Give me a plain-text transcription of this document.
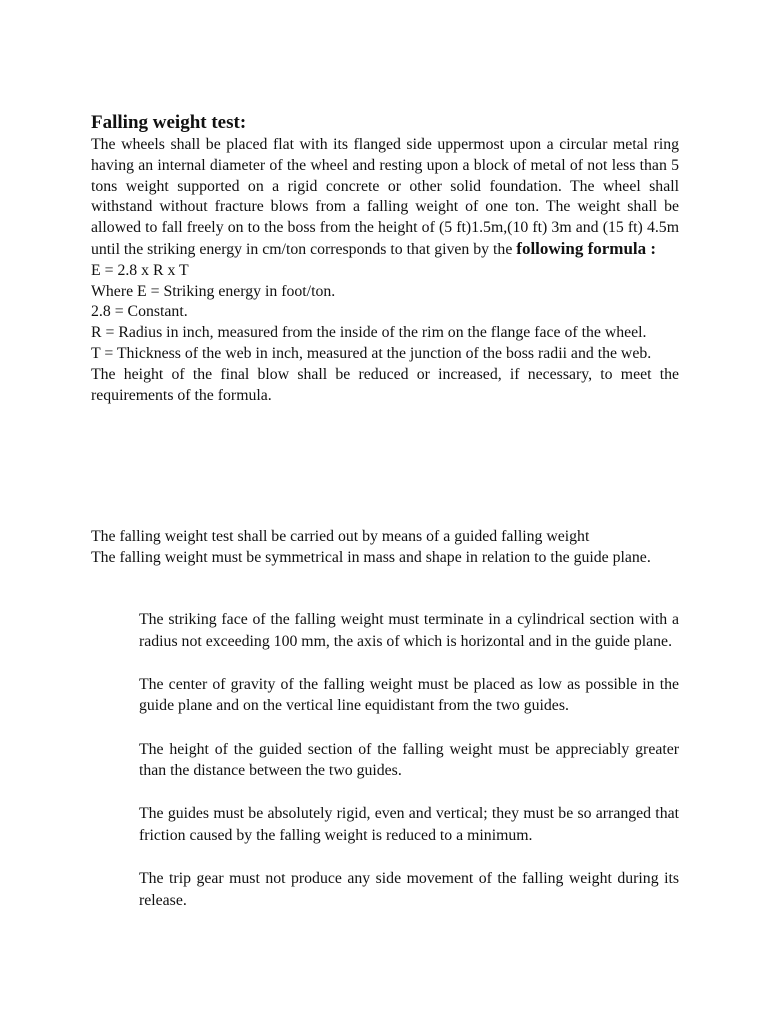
Falling weight test:

The wheels shall be placed flat with its flanged side uppermost upon a circular metal ring having an internal diameter of the wheel and resting upon a block of metal of not less than 5 tons weight supported on a rigid concrete or other solid foundation. The wheel shall withstand without fracture blows from a falling weight of one ton. The weight shall be allowed to fall freely on to the boss from the height of (5 ft)1.5m,(10 ft) 3m and (15 ft) 4.5m until the striking energy in cm/ton corresponds to that given by the following formula :

E = 2.8 x R x T

Where E = Striking energy in foot/ton.

2.8 = Constant.

R = Radius in inch, measured from the inside of the rim on the flange face of the wheel.

T = Thickness of the web in inch, measured at the junction of the boss radii and the web.

The height of the final blow shall be reduced or increased, if necessary, to meet the requirements of the formula.

The falling weight test shall be carried out by means of a guided falling weight

The falling weight must be symmetrical in mass and shape in relation to the guide plane.

The striking face of the falling weight must terminate in a cylindrical section with a radius not exceeding 100 mm, the axis of which is horizontal and in the guide plane.

The center of gravity of the falling weight must be placed as low as possible in the guide plane and on the vertical line equidistant from the two guides.

The height of the guided section of the falling weight must be appreciably greater than the distance between the two guides.

The guides must be absolutely rigid, even and vertical; they must be so arranged that friction caused by the falling weight is reduced to a minimum.

The trip gear must not produce any side movement of the falling weight during its release.
